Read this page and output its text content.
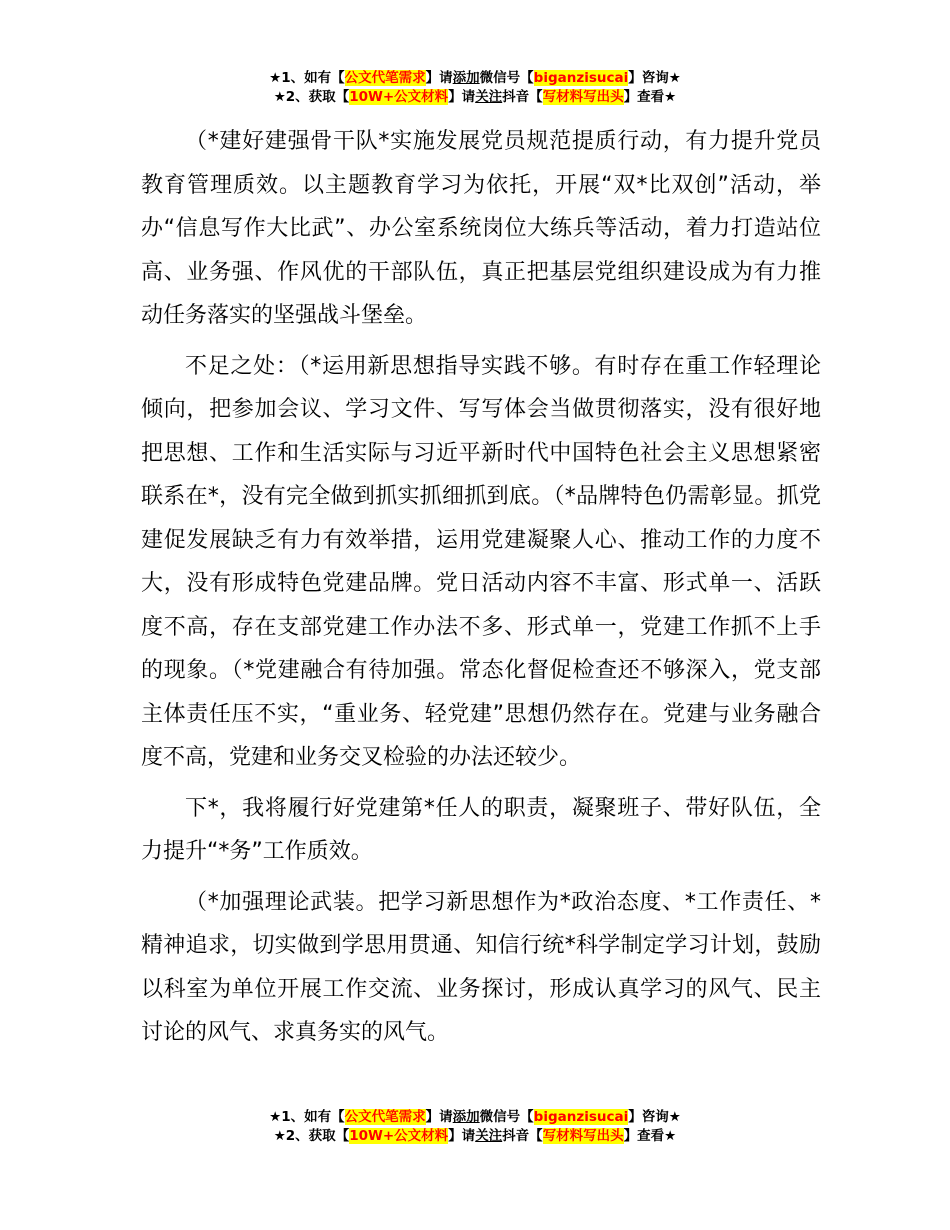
★1、如有【公文代笔需求】请添加微信号【biganzisucai】咨询★
★2、获取【10W+公文材料】请关注抖音【写材料写出头】查看★

（*建好建强骨干队*实施发展党员规范提质行动，有力提升党员教育管理质效。以主题教育学习为依托，开展“双*比双创”活动，举办“信息写作大比武”、办公室系统岗位大练兵等活动，着力打造站位高、业务强、作风优的干部队伍，真正把基层党组织建设成为有力推动任务落实的坚强战斗堡垒。

不足之处：（*运用新思想指导实践不够。有时存在重工作轻理论倾向，把参加会议、学习文件、写写体会当做贯彻落实，没有很好地把思想、工作和生活实际与习近平新时代中国特色社会主义思想紧密联系在*，没有完全做到抓实抓细抓到底。（*品牌特色仍需彰显。抓党建促发展缺乏有力有效举措，运用党建凝聚人心、推动工作的力度不大，没有形成特色党建品牌。党日活动内容不丰富、形式单一、活跃度不高，存在支部党建工作办法不多、形式单一，党建工作抓不上手的现象。（*党建融合有待加强。常态化督促检查还不够深入，党支部主体责任压不实，“重业务、轻党建”思想仍然存在。党建与业务融合度不高，党建和业务交叉检验的办法还较少。

下*，我将履行好党建第*任人的职责，凝聚班子、带好队伍，全力提升“*务”工作质效。

（*加强理论武装。把学习新思想作为*政治态度、*工作责任、*精神追求，切实做到学思用贯通、知信行统*科学制定学习计划，鼓励以科室为单位开展工作交流、业务探讨，形成认真学习的风气、民主讨论的风气、求真务实的风气。

★1、如有【公文代笔需求】请添加微信号【biganzisucai】咨询★
★2、获取【10W+公文材料】请关注抖音【写材料写出头】查看★
